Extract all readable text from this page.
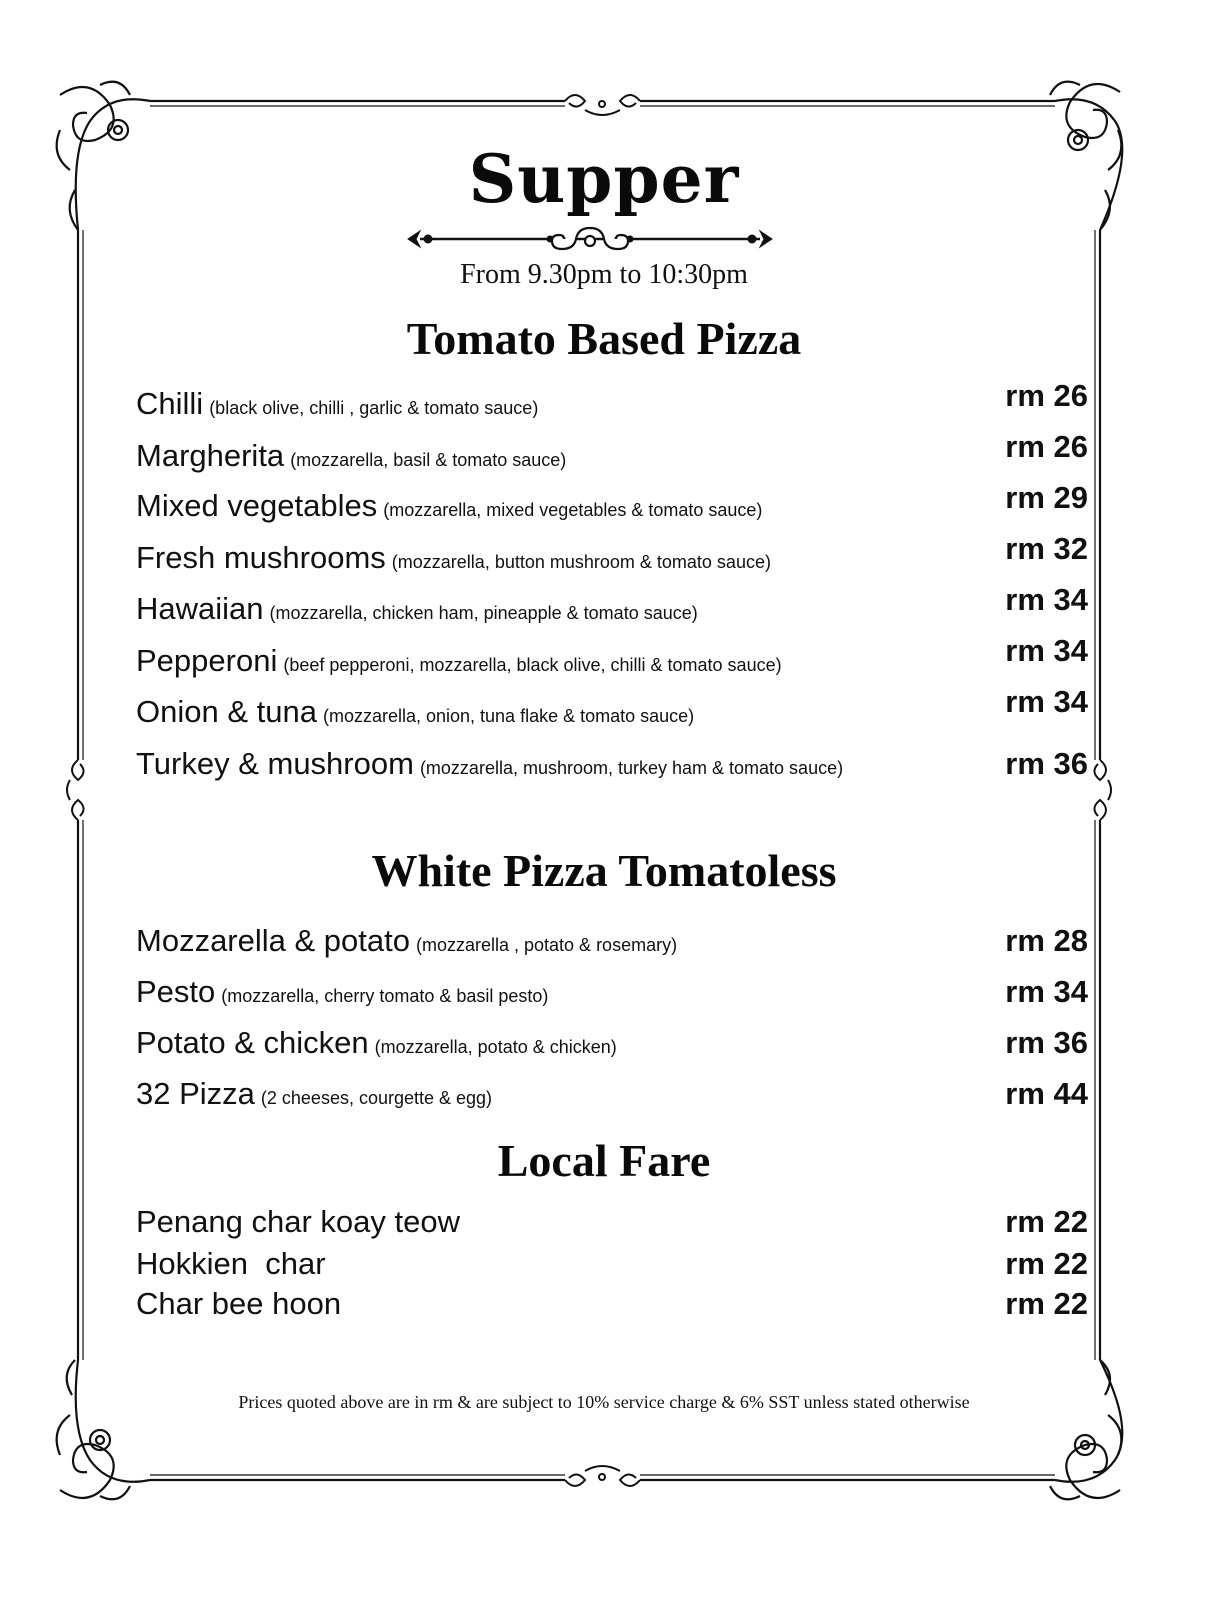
Supper
From 9.30pm to 10:30pm
Tomato Based Pizza
Chilli (black olive, chilli , garlic & tomato sauce)	rm 26
Margherita (mozzarella, basil & tomato sauce)	rm 26
Mixed vegetables (mozzarella, mixed vegetables & tomato sauce)	rm 29
Fresh mushrooms (mozzarella, button mushroom & tomato sauce)	rm 32
Hawaiian (mozzarella, chicken ham, pineapple & tomato sauce)	rm 34
Pepperoni (beef pepperoni, mozzarella, black olive, chilli & tomato sauce)	rm 34
Onion & tuna (mozzarella, onion, tuna flake & tomato sauce)	rm 34
Turkey & mushroom (mozzarella, mushroom, turkey ham & tomato sauce)	rm 36
White Pizza Tomatoless
Mozzarella & potato (mozzarella , potato & rosemary)	rm 28
Pesto (mozzarella, cherry tomato & basil pesto)	rm 34
Potato & chicken (mozzarella, potato & chicken)	rm 36
32 Pizza (2 cheeses, courgette & egg)	rm 44
Local Fare
Penang char koay teow	rm 22
Hokkien  char	rm 22
Char bee hoon	rm 22
Prices quoted above are in rm & are subject to 10% service charge & 6% SST unless stated otherwise
